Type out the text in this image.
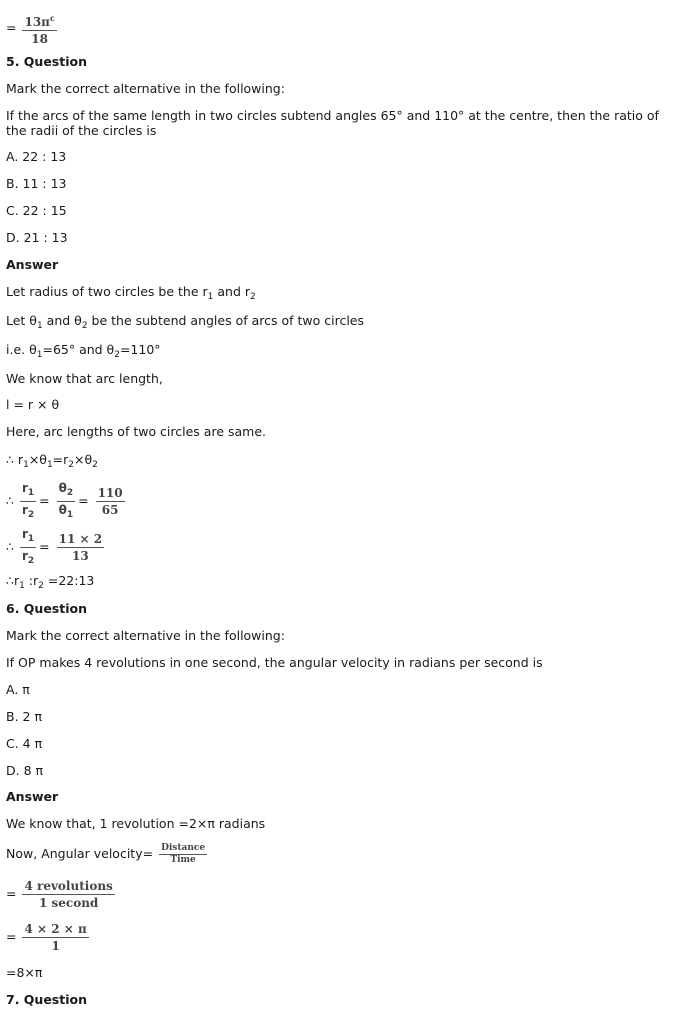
= $\frac{13\pi^c}{18}$
5. Question
Mark the correct alternative in the following:
If the arcs of the same length in two circles subtend angles 65° and 110° at the centre, then the ratio of the radii of the circles is
A. 22 : 13
B. 11 : 13
C. 22 : 15
D. 21 : 13
Answer
Let radius of two circles be the $r_1$ and $r_2$
Let $\theta_1$ and $\theta_2$ be the subtend angles of arcs of two circles
i.e. $\theta_1=65^\circ$ and $\theta_2=110^\circ$
We know that arc length,
l = r × θ
Here, arc lengths of two circles are same.
∴ $r_1\times\theta_1=r_2\times\theta_2$
∴ $\frac{r_1}{r_2} = \frac{\theta_2}{\theta_1} = \frac{110}{65}$
∴ $\frac{r_1}{r_2} = \frac{11 \times 2}{13}$
$\therefore r_1$ $:r_2$ =22:13
6. Question
Mark the correct alternative in the following:
If OP makes 4 revolutions in one second, the angular velocity in radians per second is
A. π
B. 2 π
C. 4 π
D. 8 π
Answer
We know that, 1 revolution =2×π radians
Now, Angular velocity= $\frac{\text{Distance}}{\text{Time}}$
= $\frac{\text{4 revolutions}}{\text{1 second}}$
= $\frac{4 \times 2 \times \pi}{1}$
=8×π
7. Question
